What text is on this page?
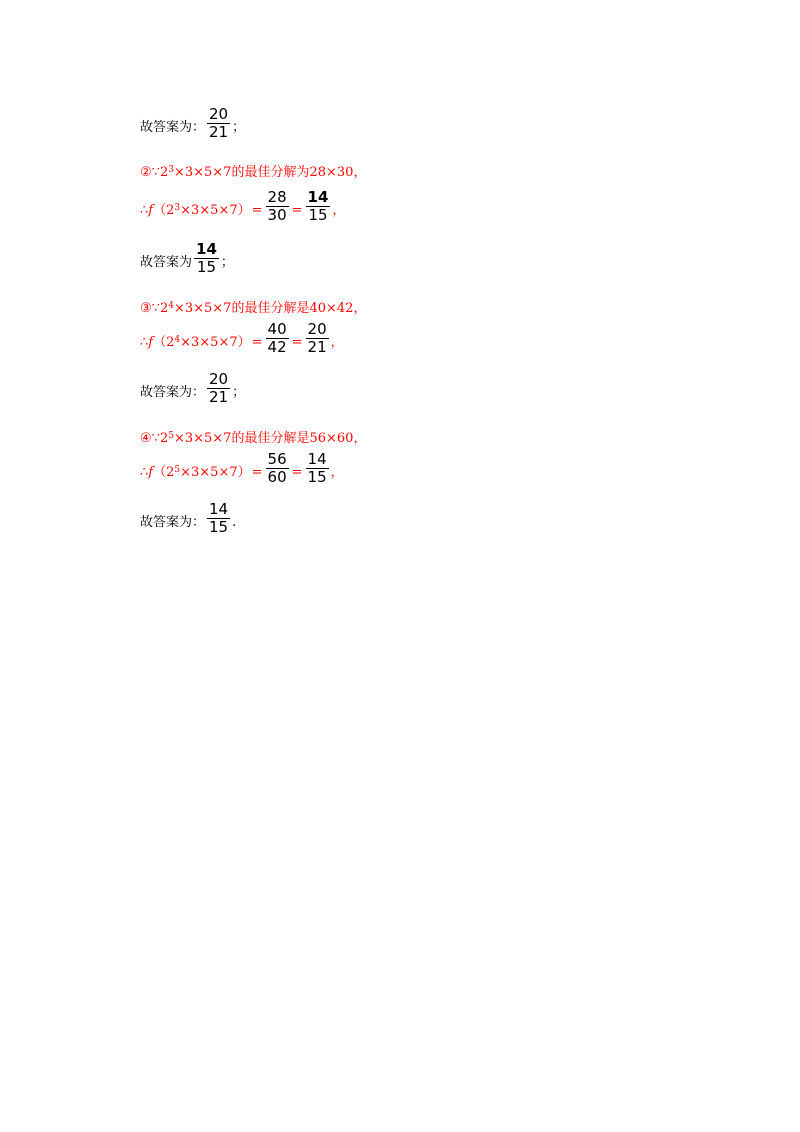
故答案为： $\frac{20}{21}$ ；
② ∵ 2 3 ×3×5×7 的最佳分解为 28×30 ，
∴ f （ 2 3 ×3×5×7 ） = $\frac{28}{30} = \frac{14}{15}$ ，
故答案为 $\frac{14}{15}$ ；
③ ∵ 2 4 ×3×5×7 的最佳分解是 40×42 ，
∴ f （ 2 4 ×3×5×7 ） = $\frac{40}{42} = \frac{20}{21}$ ，
故答案为： $\frac{20}{21}$ ；
④ ∵ 2 5 ×3×5×7 的最佳分解是 56×60 ，
∴ f （ 2 5 ×3×5×7 ） = $\frac{56}{60} = \frac{14}{15}$ ，
故答案为： $\frac{14}{15}$ .
